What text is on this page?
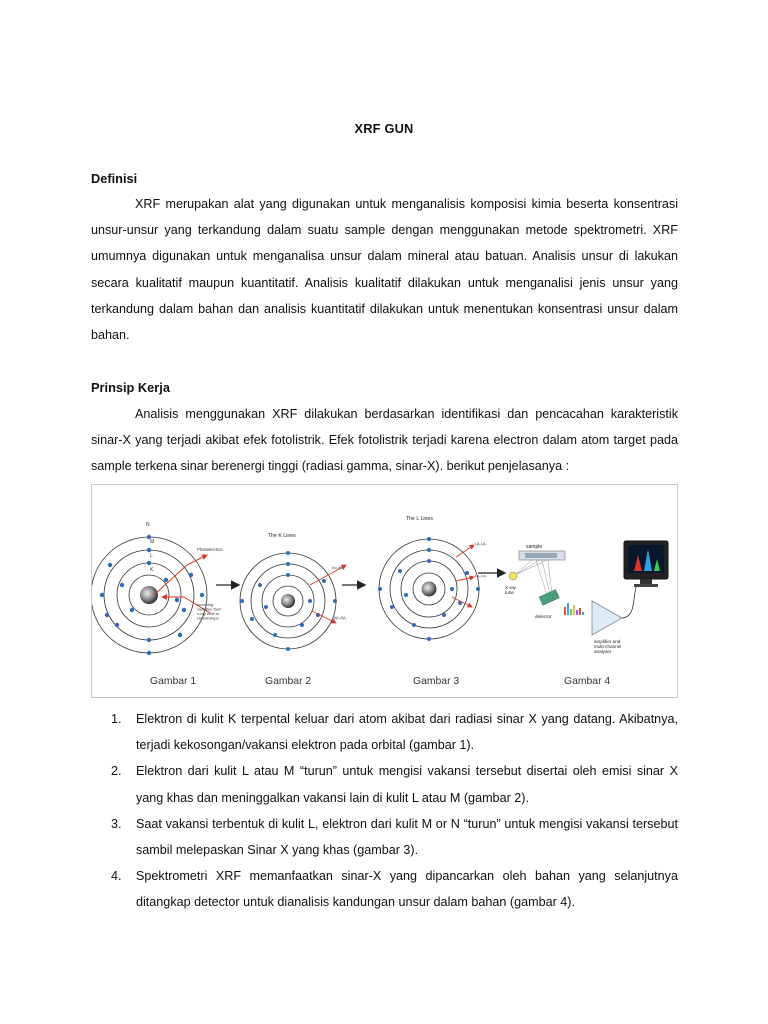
XRF GUN
Definisi

XRF merupakan alat yang digunakan untuk menganalisis komposisi kimia beserta konsentrasi unsur-unsur yang terkandung dalam suatu sample dengan menggunakan metode spektrometri. XRF umumnya digunakan untuk menganalisa unsur dalam mineral atau batuan. Analisis unsur di lakukan secara kualitatif maupun kuantitatif. Analisis kualitatif dilakukan untuk menganalisi jenis unsur yang terkandung dalam bahan dan analisis kuantitatif dilakukan untuk menentukan konsentrasi unsur dalam bahan.

Prinsip Kerja

Analisis menggunakan XRF dilakukan berdasarkan identifikasi dan pencacahan karakteristik sinar-X yang terjadi akibat efek fotolistrik. Efek fotolistrik terjadi karena electron dalam atom target pada sample terkena sinar berenergi tinggi (radiasi gamma, sinar-X). berikut penjelasanya :

Photoelectron
Incoming radiation from x-ray tube or radioisotope
N
M
L
K
The K Lines
Kα₁,Kα₂
Kβ₁,Kβ₂
The L Lines
Lβ₁,Lβ₂
Lα₁,Lα₂
sample
X-ray tube
detector
amplifier and multi-channel analyser
Gambar 1	Gambar 2	Gambar 3	Gambar 4
1. Elektron di kulit K terpental keluar dari atom akibat dari radiasi sinar X yang datang. Akibatnya, terjadi kekosongan/vakansi elektron pada orbital (gambar 1).
2. Elektron dari kulit L atau M “turun” untuk mengisi vakansi tersebut disertai oleh emisi sinar X yang khas dan meninggalkan vakansi lain di kulit L atau M (gambar 2).
3. Saat vakansi terbentuk di kulit L, elektron dari kulit M or N “turun” untuk mengisi vakansi tersebut sambil melepaskan Sinar X yang khas (gambar 3).
4. Spektrometri XRF memanfaatkan sinar-X yang dipancarkan oleh bahan yang selanjutnya ditangkap detector untuk dianalisis kandungan unsur dalam bahan (gambar 4).
